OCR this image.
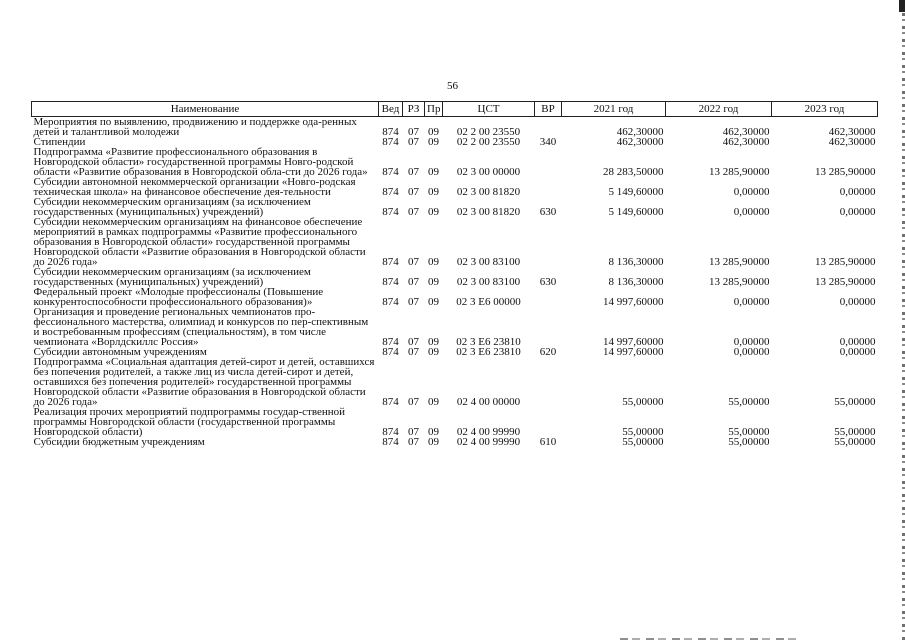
56
Наименование	Вед	РЗ	Пр	ЦСТ	ВР	2021 год	2022 год	2023 год
Мероприятия по выявлению, продвижению и поддержке ода-ренных детей и талантливой молодежи	874	07	09	02 2 00 23550		462,30000	462,30000	462,30000
Стипендии	874	07	09	02 2 00 23550	340	462,30000	462,30000	462,30000
Подпрограмма «Развитие профессионального образования в Новгородской области» государственной программы Новго-родской области «Развитие образования в Новгородской обла-сти до 2026 года»	874	07	09	02 3 00 00000		28 283,50000	13 285,90000	13 285,90000
Субсидии автономной некоммерческой организации «Новго-родская техническая школа» на финансовое обеспечение дея-тельности	874	07	09	02 3 00 81820		5 149,60000	0,00000	0,00000
Субсидии некоммерческим организациям (за исключением государственных (муниципальных) учреждений)	874	07	09	02 3 00 81820	630	5 149,60000	0,00000	0,00000
Субсидии некоммерческим организациям на финансовое обеспечение мероприятий в рамках подпрограммы «Развитие профессионального образования в Новгородской области» государственной программы Новгородской области «Развитие образования в Новгородской области до 2026 года»	874	07	09	02 3 00 83100		8 136,30000	13 285,90000	13 285,90000
Субсидии некоммерческим организациям (за исключением государственных (муниципальных) учреждений)	874	07	09	02 3 00 83100	630	8 136,30000	13 285,90000	13 285,90000
Федеральный проект «Молодые профессионалы (Повышение конкурентоспособности профессионального образования)»	874	07	09	02 3 Е6 00000		14 997,60000	0,00000	0,00000
Организация и проведение региональных чемпионатов про-фессионального мастерства, олимпиад и конкурсов по пер-спективным и востребованным профессиям (специальностям), в том числе чемпионата «Ворлдскиллс Россия»	874	07	09	02 3 Е6 23810		14 997,60000	0,00000	0,00000
Субсидии автономным учреждениям	874	07	09	02 3 Е6 23810	620	14 997,60000	0,00000	0,00000
Подпрограмма «Социальная адаптация детей-сирот и детей, оставшихся без попечения родителей, а также лиц из числа детей-сирот и детей, оставшихся без попечения родителей» государственной программы Новгородской области «Развитие образования в Новгородской области до 2026 года»	874	07	09	02 4 00 00000		55,00000	55,00000	55,00000
Реализация прочих мероприятий подпрограммы государ-ственной программы Новгородской области (государственной программы Новгородской области)	874	07	09	02 4 00 99990		55,00000	55,00000	55,00000
Субсидии бюджетным учреждениям	874	07	09	02 4 00 99990	610	55,00000	55,00000	55,00000
